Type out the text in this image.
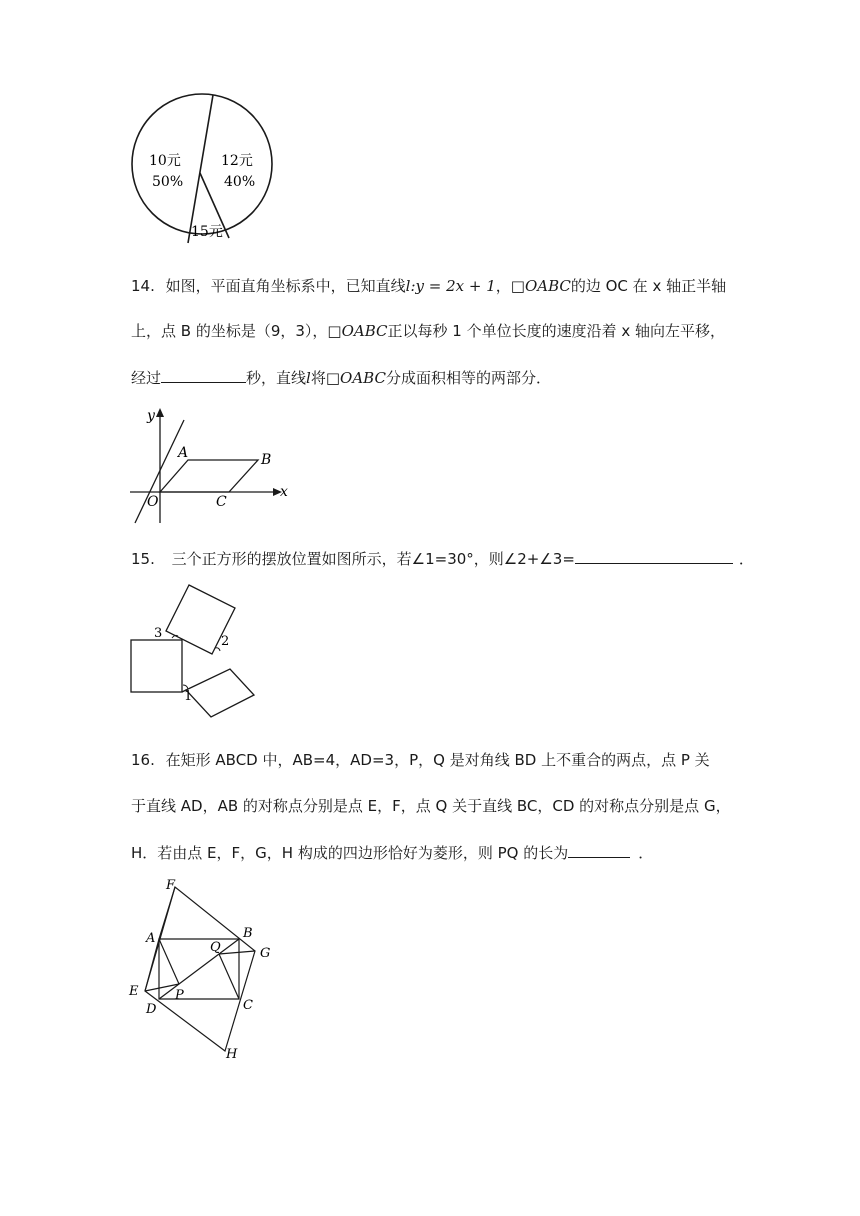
10元
50%
12元
40%
15元
14. 如图，平面直角坐标系中，已知直线l:y = 2x + 1，□OABC的边 OC 在 x 轴正半轴
上，点 B 的坐标是（9，3），□OABC正以每秒 1 个单位长度的速度沿着 x 轴向左平移，
经过	秒，直线l将□OABC分成面积相等的两部分．
y
x
A	B
O	C
15. 三个正方形的摆放位置如图所示，若∠1=30°，则∠2+∠3=	．
3
2
1
16. 在矩形 ABCD 中，AB=4，AD=3，P，Q 是对角线 BD 上不重合的两点，点 P 关
于直线 AD，AB 的对称点分别是点 E，F，点 Q 关于直线 BC，CD 的对称点分别是点 G，
H．若由点 E，F，G，H 构成的四边形恰好为菱形，则 PQ 的长为	．
F
A	B
Q	G
E	P
D	C
H
